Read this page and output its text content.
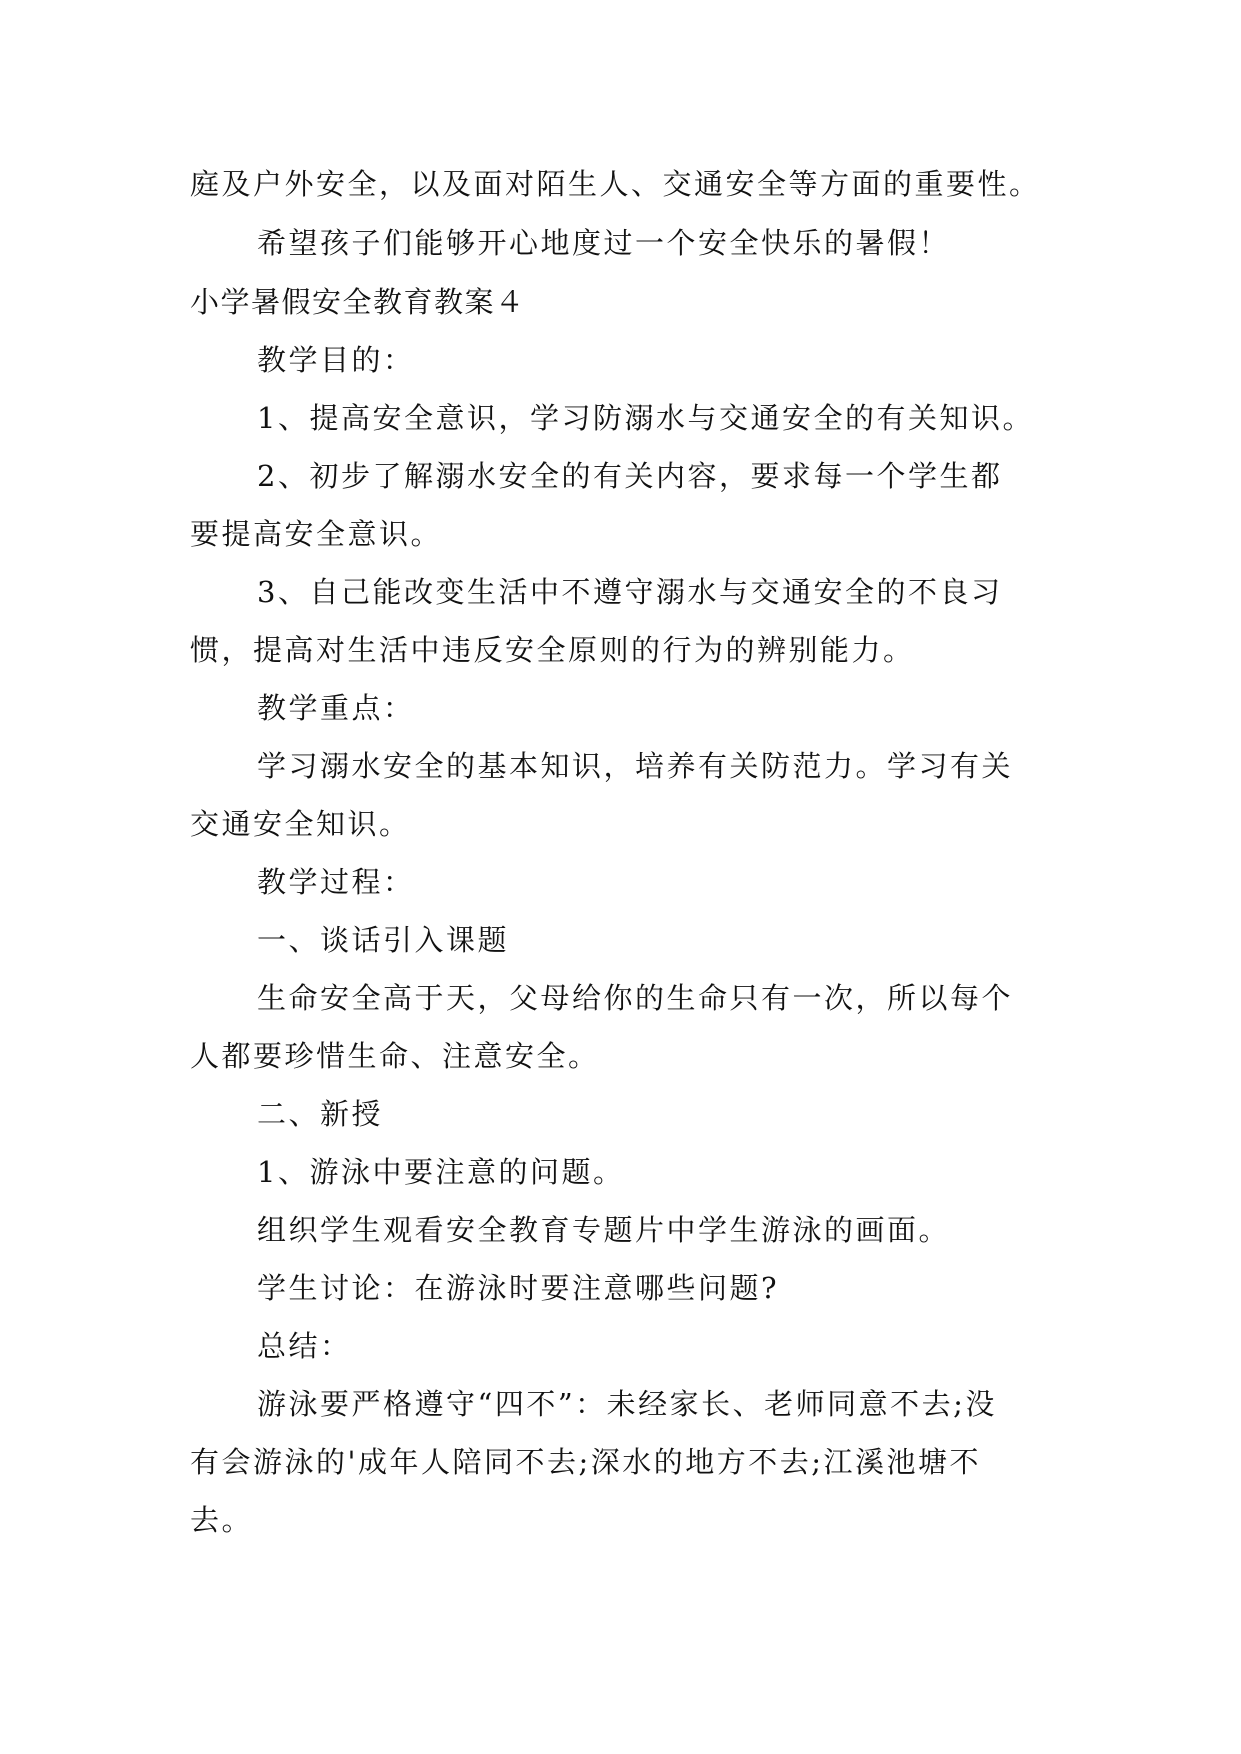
庭及户外安全，以及面对陌生人、交通安全等方面的重要性。
希望孩子们能够开心地度过一个安全快乐的暑假！
小学暑假安全教育教案４
教学目的：
1、提高安全意识，学习防溺水与交通安全的有关知识。
2、初步了解溺水安全的有关内容，要求每一个学生都
要提高安全意识。
3、自己能改变生活中不遵守溺水与交通安全的不良习
惯，提高对生活中违反安全原则的行为的辨别能力。
教学重点：
学习溺水安全的基本知识，培养有关防范力。学习有关
交通安全知识。
教学过程：
一、谈话引入课题
生命安全高于天，父母给你的生命只有一次，所以每个
人都要珍惜生命、注意安全。
二、新授
1、游泳中要注意的问题。
组织学生观看安全教育专题片中学生游泳的画面。
学生讨论：在游泳时要注意哪些问题?
总结：
游泳要严格遵守“四不”：未经家长、老师同意不去;没
有会游泳的'成年人陪同不去;深水的地方不去;江溪池塘不
去。
